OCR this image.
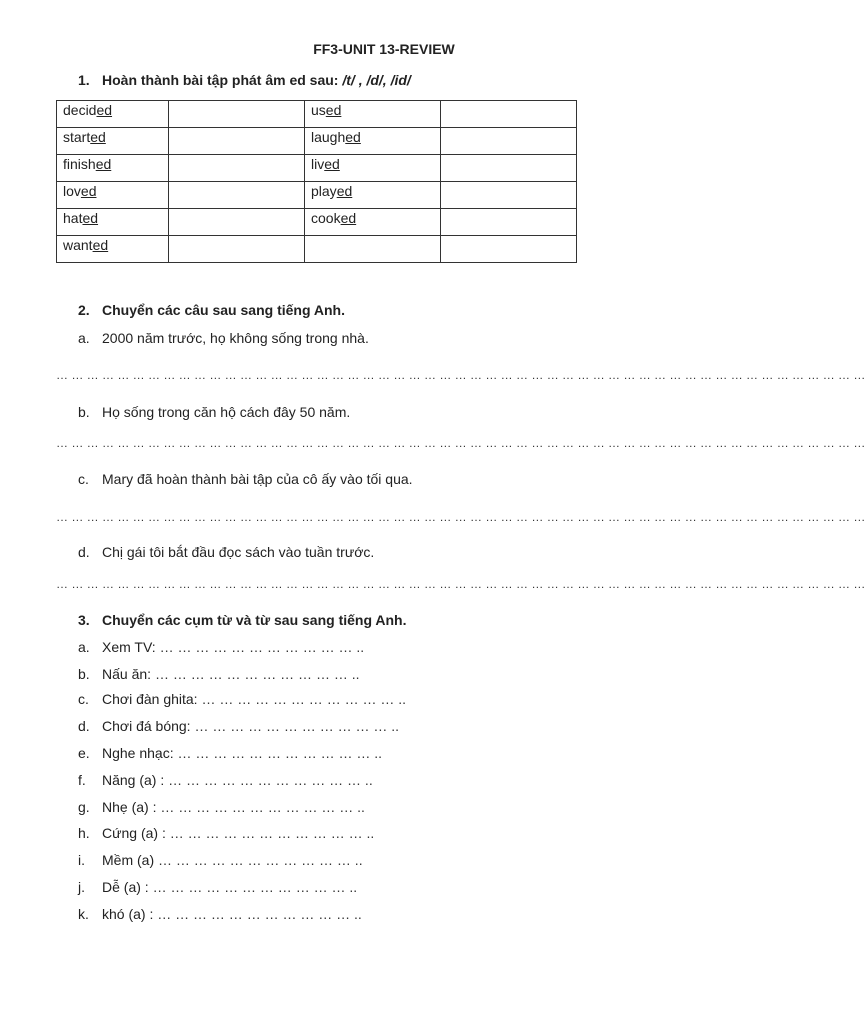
FF3-UNIT 13-REVIEW
1. Hoàn thành bài tập phát âm ed sau: /t/ , /d/, /id/
decided		used	
started		laughed	
finished		lived	
loved		played	
hated		cooked	
wanted			
2. Chuyển các câu sau sang tiếng Anh.
a. 2000 năm trước, họ không sống trong nhà.
… … … … … … … … … … … … … … … … … … … … … … … … … … … … … … … … … … … … … … … … … … … … … … … … … … … … …
b. Họ sống trong căn hộ cách đây 50 năm.
… … … … … … … … … … … … … … … … … … … … … … … … … … … … … … … … … … … … … … … … … … … … … … … … … … … … …
c. Mary đã hoàn thành bài tập của cô ấy vào tối qua.
… … … … … … … … … … … … … … … … … … … … … … … … … … … … … … … … … … … … … … … … … … … … … … … … … … … … …
d. Chị gái tôi bắt đầu đọc sách vào tuần trước.
… … … … … … … … … … … … … … … … … … … … … … … … … … … … … … … … … … … … … … … … … … … … … … … … … … … … …
3. Chuyển các cụm từ và từ sau sang tiếng Anh.
a. Xem TV: … … … … … … … … … … … ..
b. Nấu ăn: … … … … … … … … … … … ..
c. Chơi đàn ghita: … … … … … … … … … … … ..
d. Chơi đá bóng: … … … … … … … … … … … ..
e. Nghe nhạc: … … … … … … … … … … … ..
f. Năng (a) : … … … … … … … … … … … ..
g. Nhẹ (a) : … … … … … … … … … … … ..
h. Cứng (a) : … … … … … … … … … … … ..
i. Mềm (a) … … … … … … … … … … … ..
j. Dễ (a) : … … … … … … … … … … … ..
k. khó (a) : … … … … … … … … … … … ..
